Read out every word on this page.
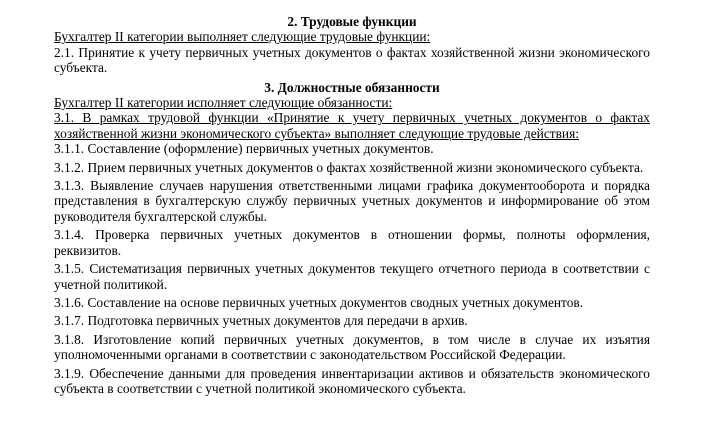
2. Трудовые функции

Бухгалтер II категории выполняет следующие трудовые функции:

2.1. Принятие к учету первичных учетных документов о фактах хозяйственной жизни экономического субъекта.

3. Должностные обязанности

Бухгалтер II категории исполняет следующие обязанности:

3.1. В рамках трудовой функции «Принятие к учету первичных учетных документов о фактах хозяйственной жизни экономического субъекта» выполняет следующие трудовые действия:

3.1.1. Составление (оформление) первичных учетных документов.

3.1.2. Прием первичных учетных документов о фактах хозяйственной жизни экономического субъекта.

3.1.3. Выявление случаев нарушения ответственными лицами графика документооборота и порядка представления в бухгалтерскую службу первичных учетных документов и информирование об этом руководителя бухгалтерской службы.

3.1.4. Проверка первичных учетных документов в отношении формы, полноты оформления, реквизитов.

3.1.5. Систематизация первичных учетных документов текущего отчетного периода в соответствии с учетной политикой.

3.1.6. Составление на основе первичных учетных документов сводных учетных документов.

3.1.7. Подготовка первичных учетных документов для передачи в архив.

3.1.8. Изготовление копий первичных учетных документов, в том числе в случае их изъятия уполномоченными органами в соответствии с законодательством Российской Федерации.

3.1.9. Обеспечение данными для проведения инвентаризации активов и обязательств экономического субъекта в соответствии с учетной политикой экономического субъекта.
